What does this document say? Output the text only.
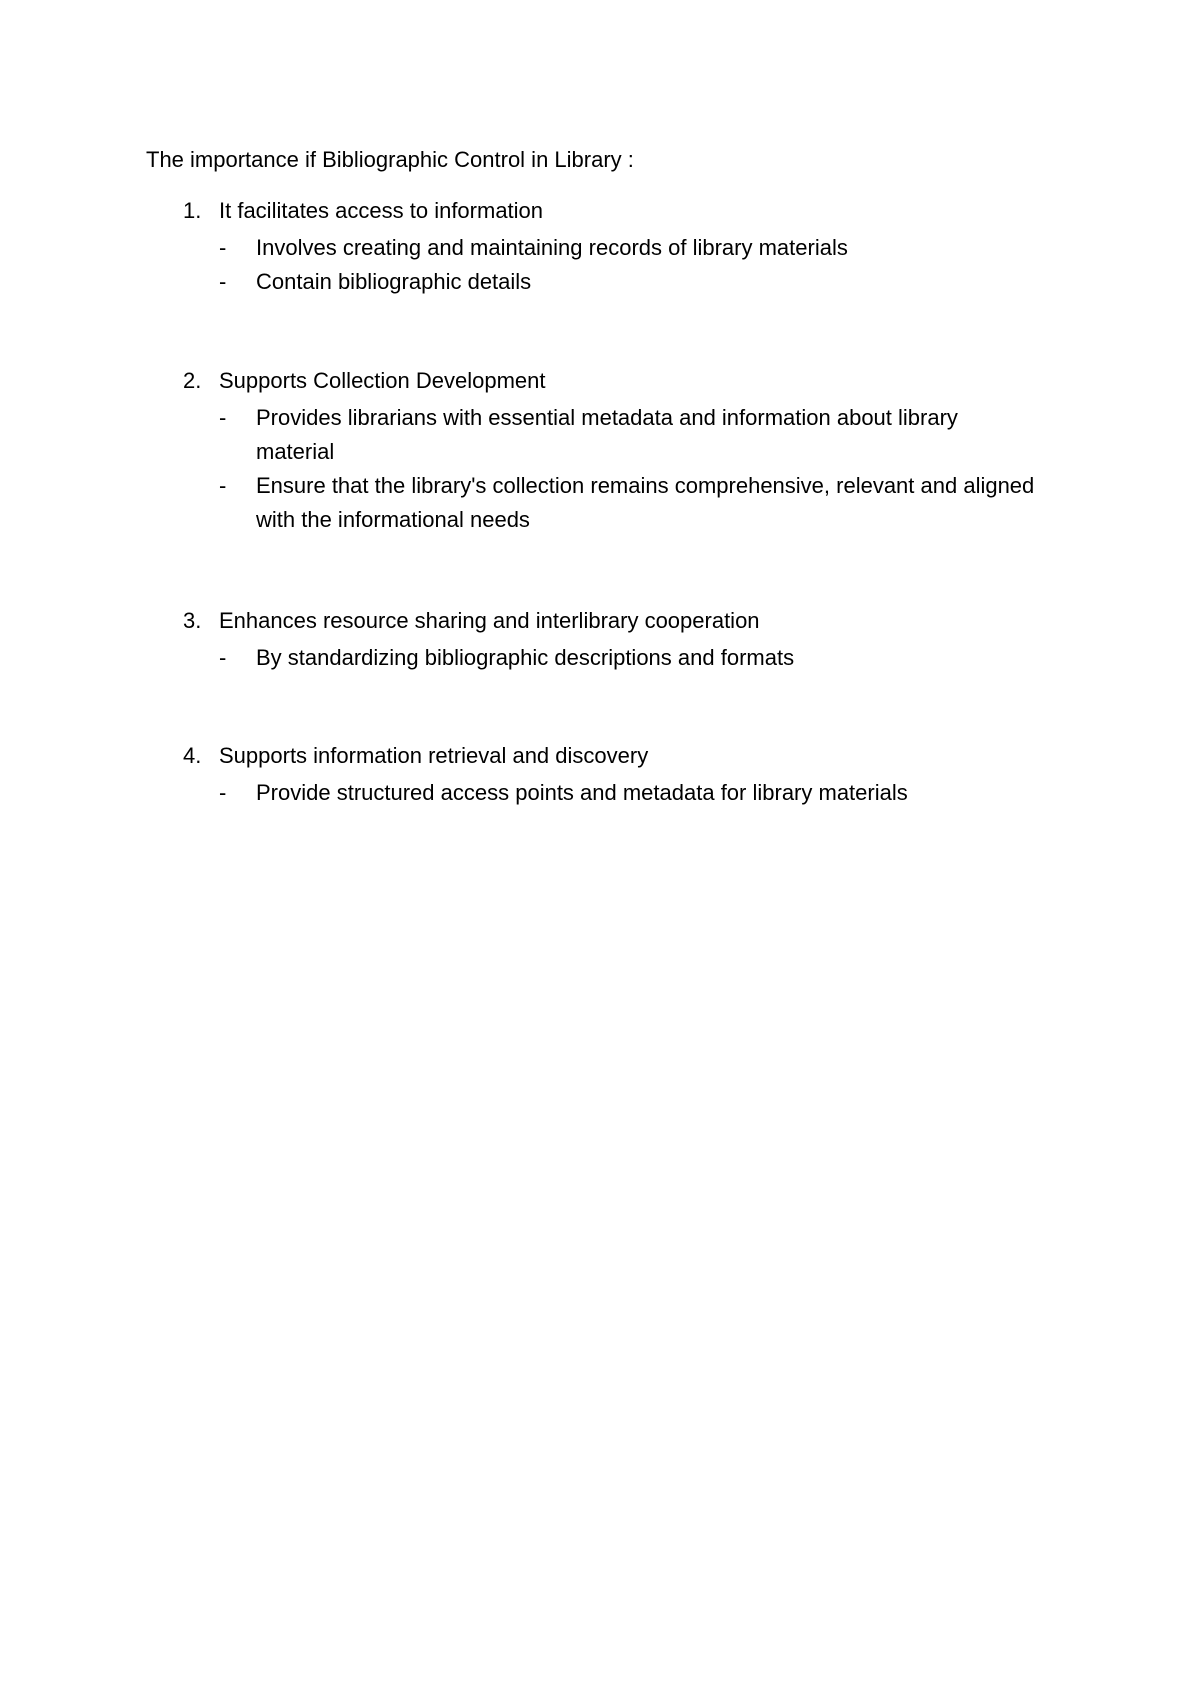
The importance if Bibliographic Control in Library :
1. It facilitates access to information
- Involves creating and maintaining records of library materials
- Contain bibliographic details
2. Supports Collection Development
- Provides librarians with essential metadata and information about library material
- Ensure that the library's collection remains comprehensive, relevant and aligned with the informational needs
3. Enhances resource sharing and interlibrary cooperation
- By standardizing bibliographic descriptions and formats
4. Supports information retrieval and discovery
- Provide structured access points and metadata for library materials
